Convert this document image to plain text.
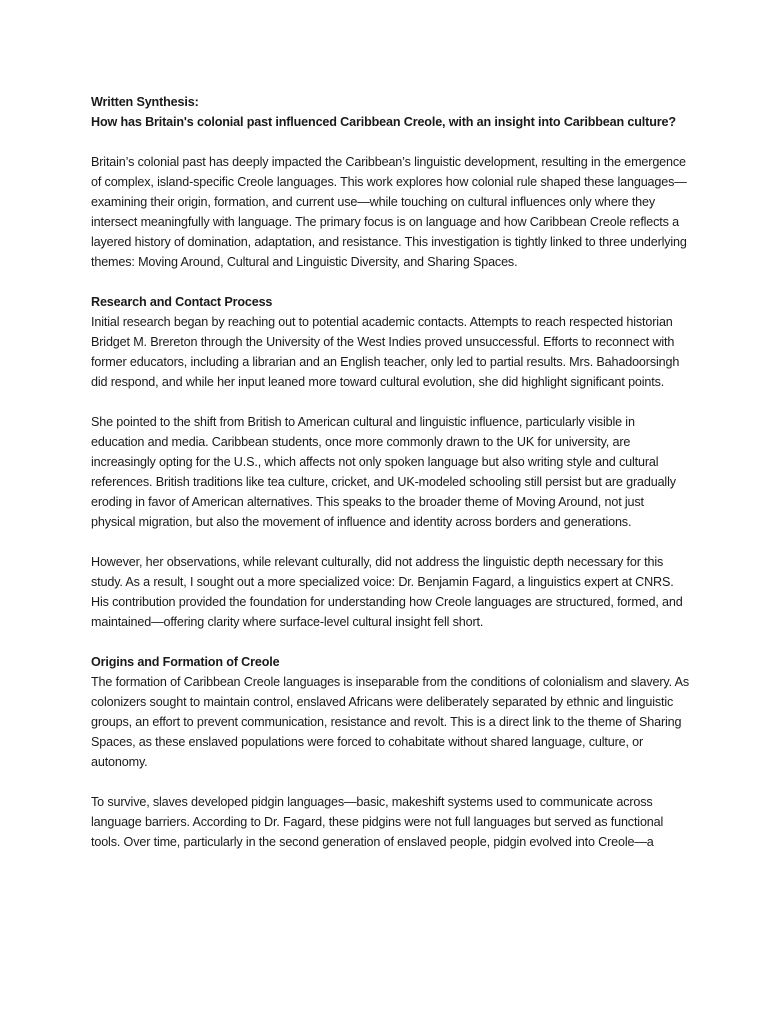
Written Synthesis:

How has Britain's colonial past influenced Caribbean Creole, with an insight into Caribbean culture?

Britain’s colonial past has deeply impacted the Caribbean’s linguistic development, resulting in the emergence of complex, island-specific Creole languages. This work explores how colonial rule shaped these languages—examining their origin, formation, and current use—while touching on cultural influences only where they intersect meaningfully with language. The primary focus is on language and how Caribbean Creole reflects a layered history of domination, adaptation, and resistance. This investigation is tightly linked to three underlying themes: Moving Around, Cultural and Linguistic Diversity, and Sharing Spaces.

Research and Contact Process

Initial research began by reaching out to potential academic contacts. Attempts to reach respected historian Bridget M. Brereton through the University of the West Indies proved unsuccessful. Efforts to reconnect with former educators, including a librarian and an English teacher, only led to partial results. Mrs. Bahadoorsingh did respond, and while her input leaned more toward cultural evolution, she did highlight significant points.

She pointed to the shift from British to American cultural and linguistic influence, particularly visible in education and media. Caribbean students, once more commonly drawn to the UK for university, are increasingly opting for the U.S., which affects not only spoken language but also writing style and cultural references. British traditions like tea culture, cricket, and UK-modeled schooling still persist but are gradually eroding in favor of American alternatives. This speaks to the broader theme of Moving Around, not just physical migration, but also the movement of influence and identity across borders and generations.

However, her observations, while relevant culturally, did not address the linguistic depth necessary for this study. As a result, I sought out a more specialized voice: Dr. Benjamin Fagard, a linguistics expert at CNRS. His contribution provided the foundation for understanding how Creole languages are structured, formed, and maintained—offering clarity where surface-level cultural insight fell short.

Origins and Formation of Creole

The formation of Caribbean Creole languages is inseparable from the conditions of colonialism and slavery. As colonizers sought to maintain control, enslaved Africans were deliberately separated by ethnic and linguistic groups, an effort to prevent communication, resistance and revolt. This is a direct link to the theme of Sharing Spaces, as these enslaved populations were forced to cohabitate without shared language, culture, or autonomy.

To survive, slaves developed pidgin languages—basic, makeshift systems used to communicate across language barriers. According to Dr. Fagard, these pidgins were not full languages but served as functional tools. Over time, particularly in the second generation of enslaved people, pidgin evolved into Creole—a
